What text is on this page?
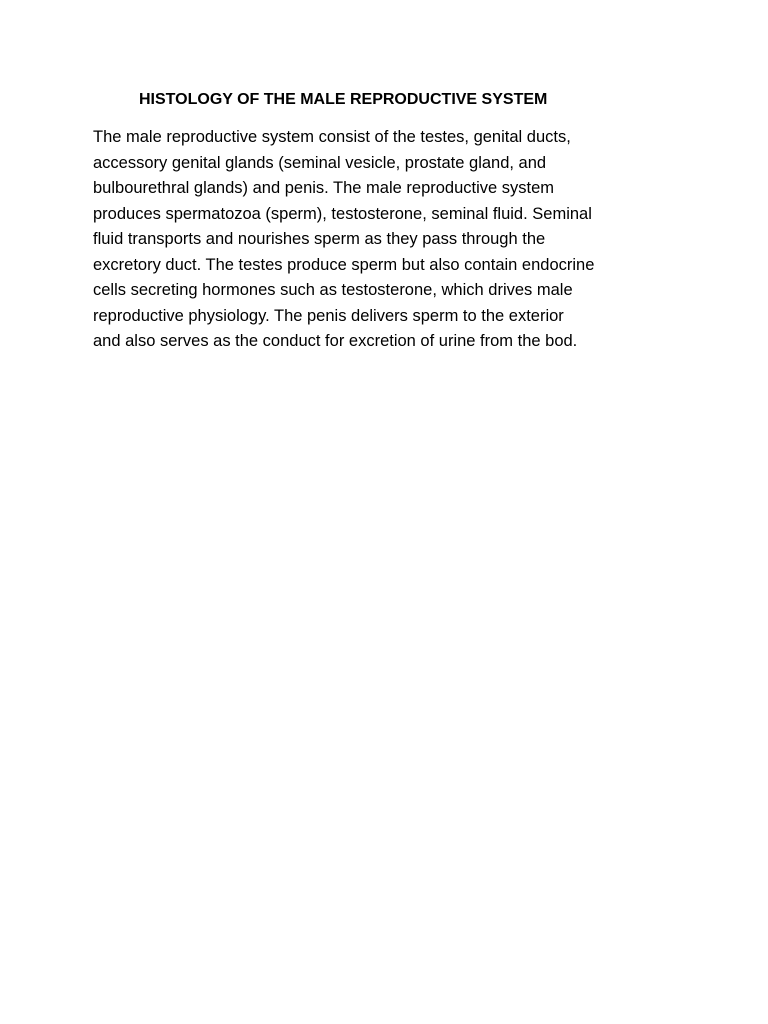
HISTOLOGY OF THE MALE REPRODUCTIVE SYSTEM

The male reproductive system consist of the testes, genital ducts,
accessory genital glands (seminal vesicle, prostate gland, and
bulbourethral glands) and penis. The male reproductive system
produces spermatozoa (sperm), testosterone, seminal fluid. Seminal
fluid transports and nourishes sperm as they pass through the
excretory duct. The testes produce sperm but also contain endocrine
cells secreting hormones such as testosterone, which drives male
reproductive physiology. The penis delivers sperm to the exterior
and also serves as the conduct for excretion of urine from the bod.
